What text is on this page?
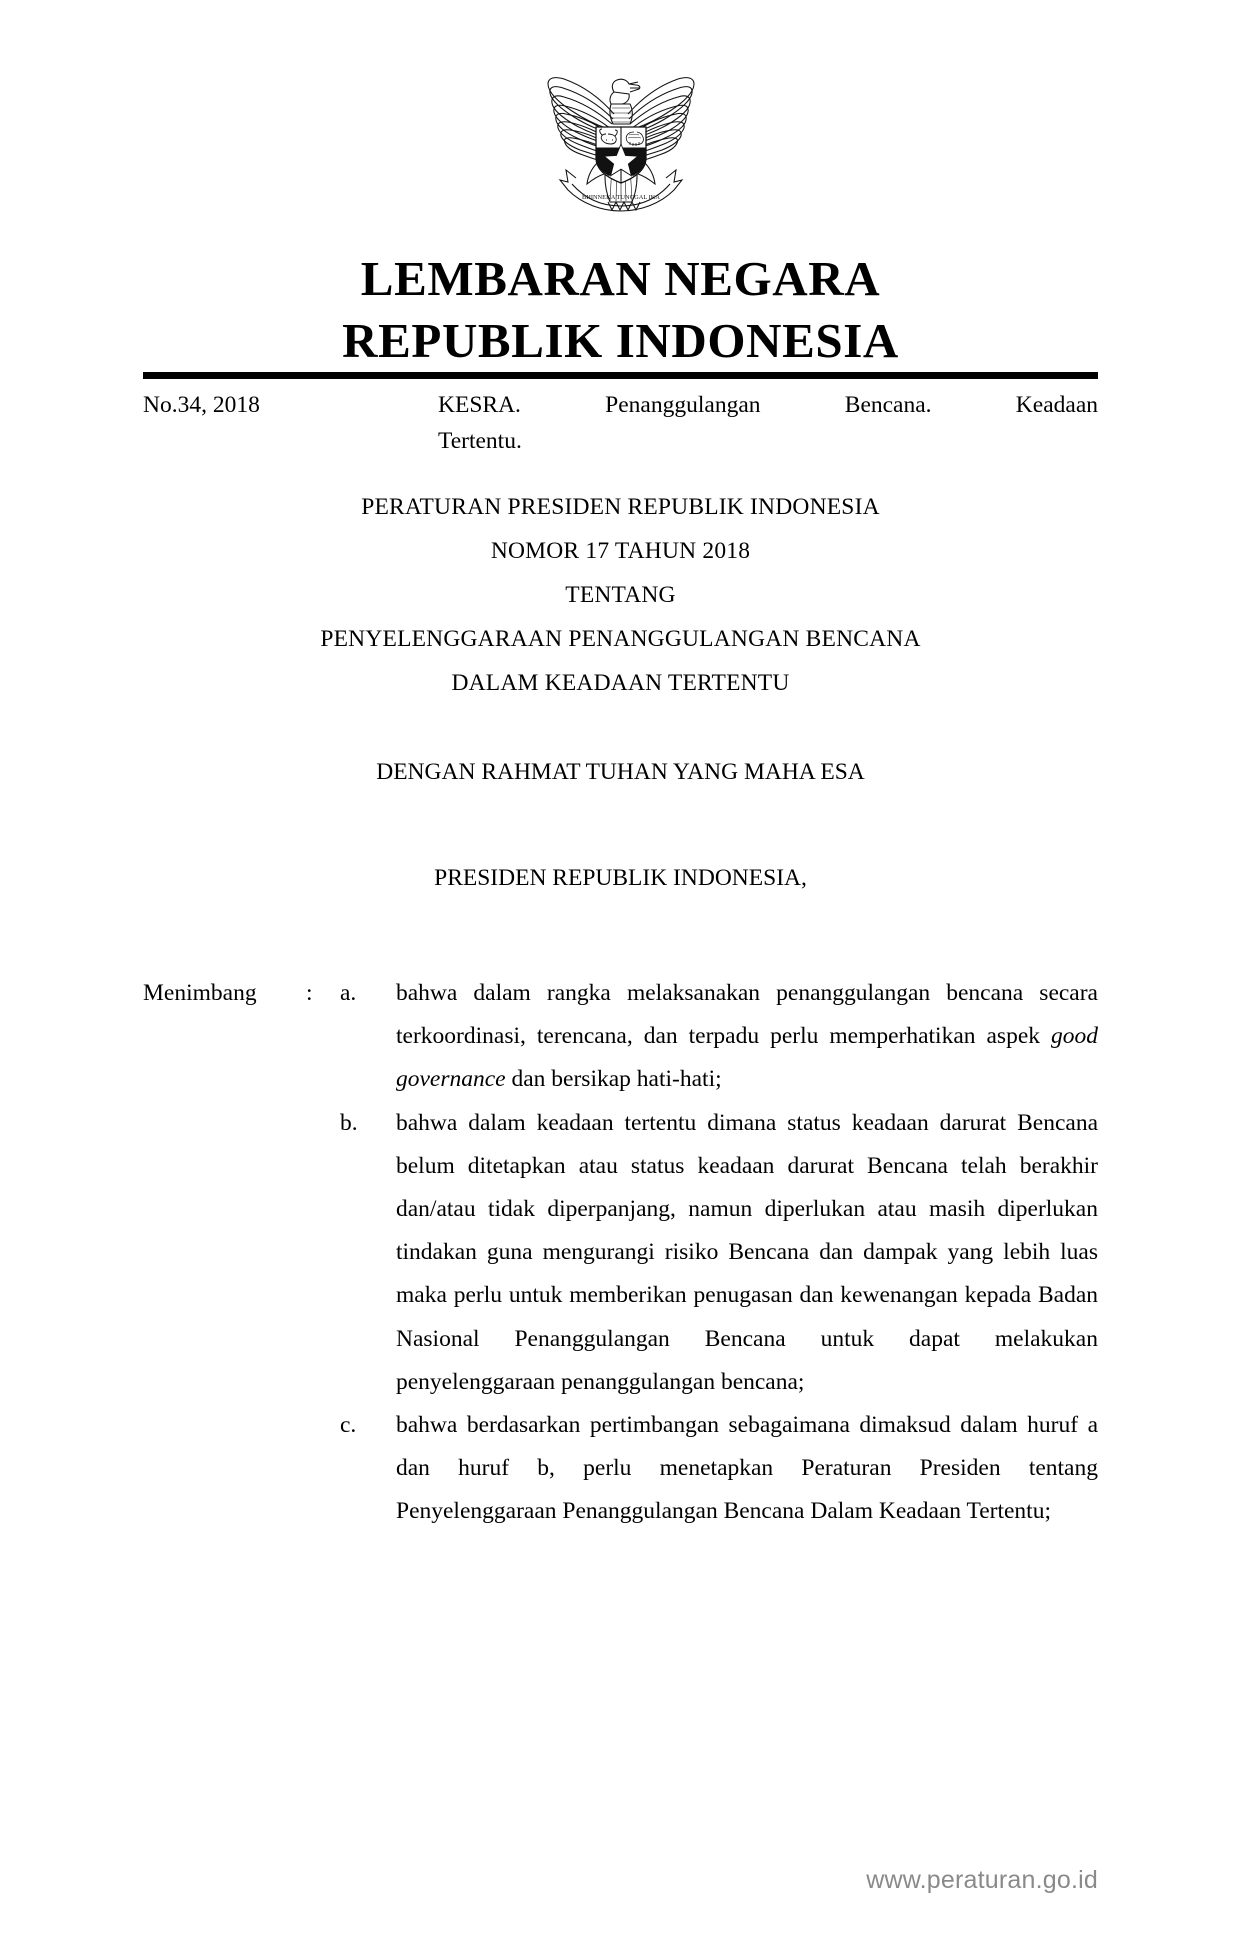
BHINNEKA TUNGGAL IKA
LEMBARAN NEGARA
REPUBLIK INDONESIA
No.34, 2018	KESRA. Penanggulangan Bencana. Keadaan
Tertentu.
PERATURAN PRESIDEN REPUBLIK INDONESIA
NOMOR 17 TAHUN 2018
TENTANG
PENYELENGGARAAN PENANGGULANGAN BENCANA
DALAM KEADAAN TERTENTU
DENGAN RAHMAT TUHAN YANG MAHA ESA
PRESIDEN REPUBLIK INDONESIA,
Menimbang	:	a.	bahwa dalam rangka melaksanakan penanggulangan bencana secara terkoordinasi, terencana, dan terpadu perlu memperhatikan aspek good governance dan bersikap hati-hati;
b.	bahwa dalam keadaan tertentu dimana status keadaan darurat Bencana belum ditetapkan atau status keadaan darurat Bencana telah berakhir dan/atau tidak diperpanjang, namun diperlukan atau masih diperlukan tindakan guna mengurangi risiko Bencana dan dampak yang lebih luas maka perlu untuk memberikan penugasan dan kewenangan kepada Badan Nasional Penanggulangan Bencana untuk dapat melakukan penyelenggaraan penanggulangan bencana;
c.	bahwa berdasarkan pertimbangan sebagaimana dimaksud dalam huruf a dan huruf b, perlu menetapkan Peraturan Presiden tentang Penyelenggaraan Penanggulangan Bencana Dalam Keadaan Tertentu;
www.peraturan.go.id
